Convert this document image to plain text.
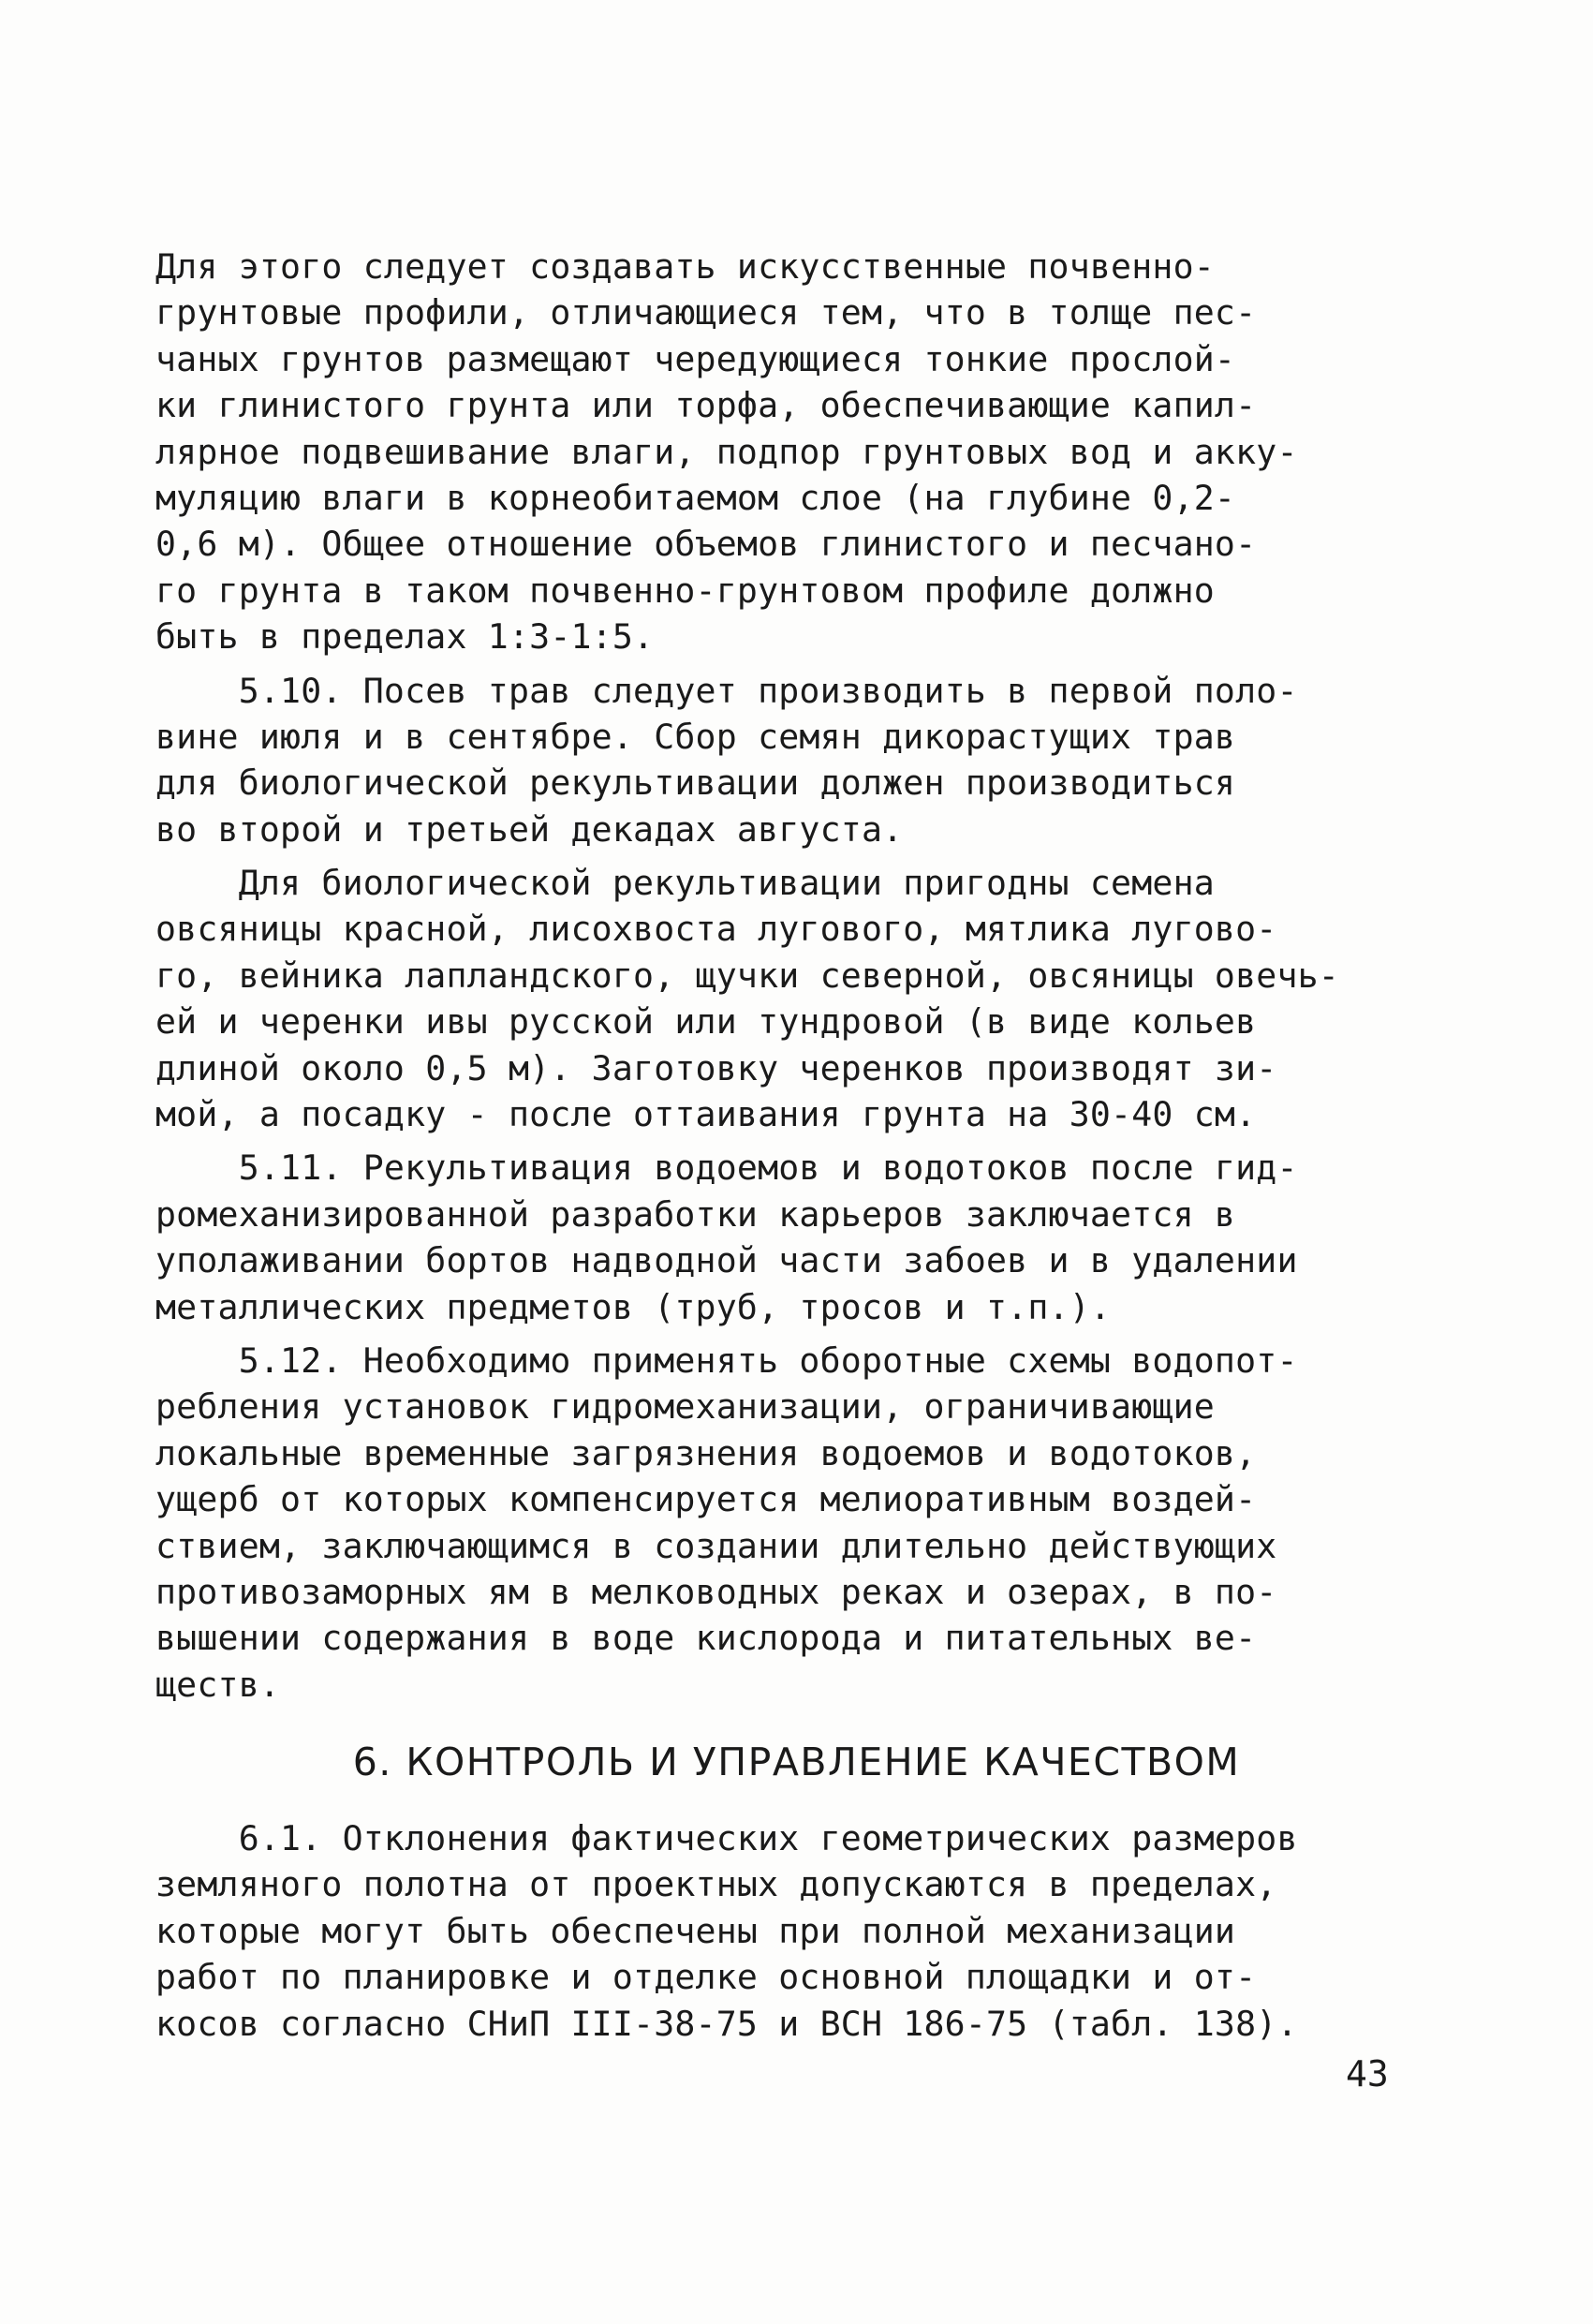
Для этого следует создавать искусственные почвенно-
грунтовые профили, отличающиеся тем, что в толще пес-
чаных грунтов размещают чередующиеся тонкие прослой-
ки глинистого грунта или торфа, обеспечивающие капил-
лярное подвешивание влаги, подпор грунтовых вод и акку-
муляцию влаги в корнеобитаемом слое (на глубине 0,2-
0,6 м). Общее отношение объемов глинистого и песчано-
го грунта в таком почвенно-грунтовом профиле должно
быть в пределах 1:3-1:5.
5.10. Посев трав следует производить в первой поло-
вине июля и в сентябре. Сбор семян дикорастущих трав
для биологической рекультивации должен производиться
во второй и третьей декадах августа.
Для биологической рекультивации пригодны семена
овсяницы красной, лисохвоста лугового, мятлика лугово-
го, вейника лапландского, щучки северной, овсяницы овечь-
ей и черенки ивы русской или тундровой (в виде кольев
длиной около 0,5 м). Заготовку черенков производят зи-
мой, а посадку - после оттаивания грунта на 30-40 см.
5.11. Рекультивация водоемов и водотоков после гид-
ромеханизированной разработки карьеров заключается в
уполаживании бортов надводной части забоев и в удалении
металлических предметов (труб, тросов и т.п.).
5.12. Необходимо применять оборотные схемы водопот-
ребления установок гидромеханизации, ограничивающие
локальные временные загрязнения водоемов и водотоков,
ущерб от которых компенсируется мелиоративным воздей-
ствием, заключающимся в создании длительно действующих
противозаморных ям в мелководных реках и озерах, в по-
вышении содержания в воде кислорода и питательных ве-
ществ.
6. КОНТРОЛЬ И УПРАВЛЕНИЕ КАЧЕСТВОМ
6.1. Отклонения фактических геометрических размеров
земляного полотна от проектных допускаются в пределах,
которые могут быть обеспечены при полной механизации
работ по планировке и отделке основной площадки и от-
косов согласно СНиП III-38-75 и ВСН 186-75 (табл. 138).
43
